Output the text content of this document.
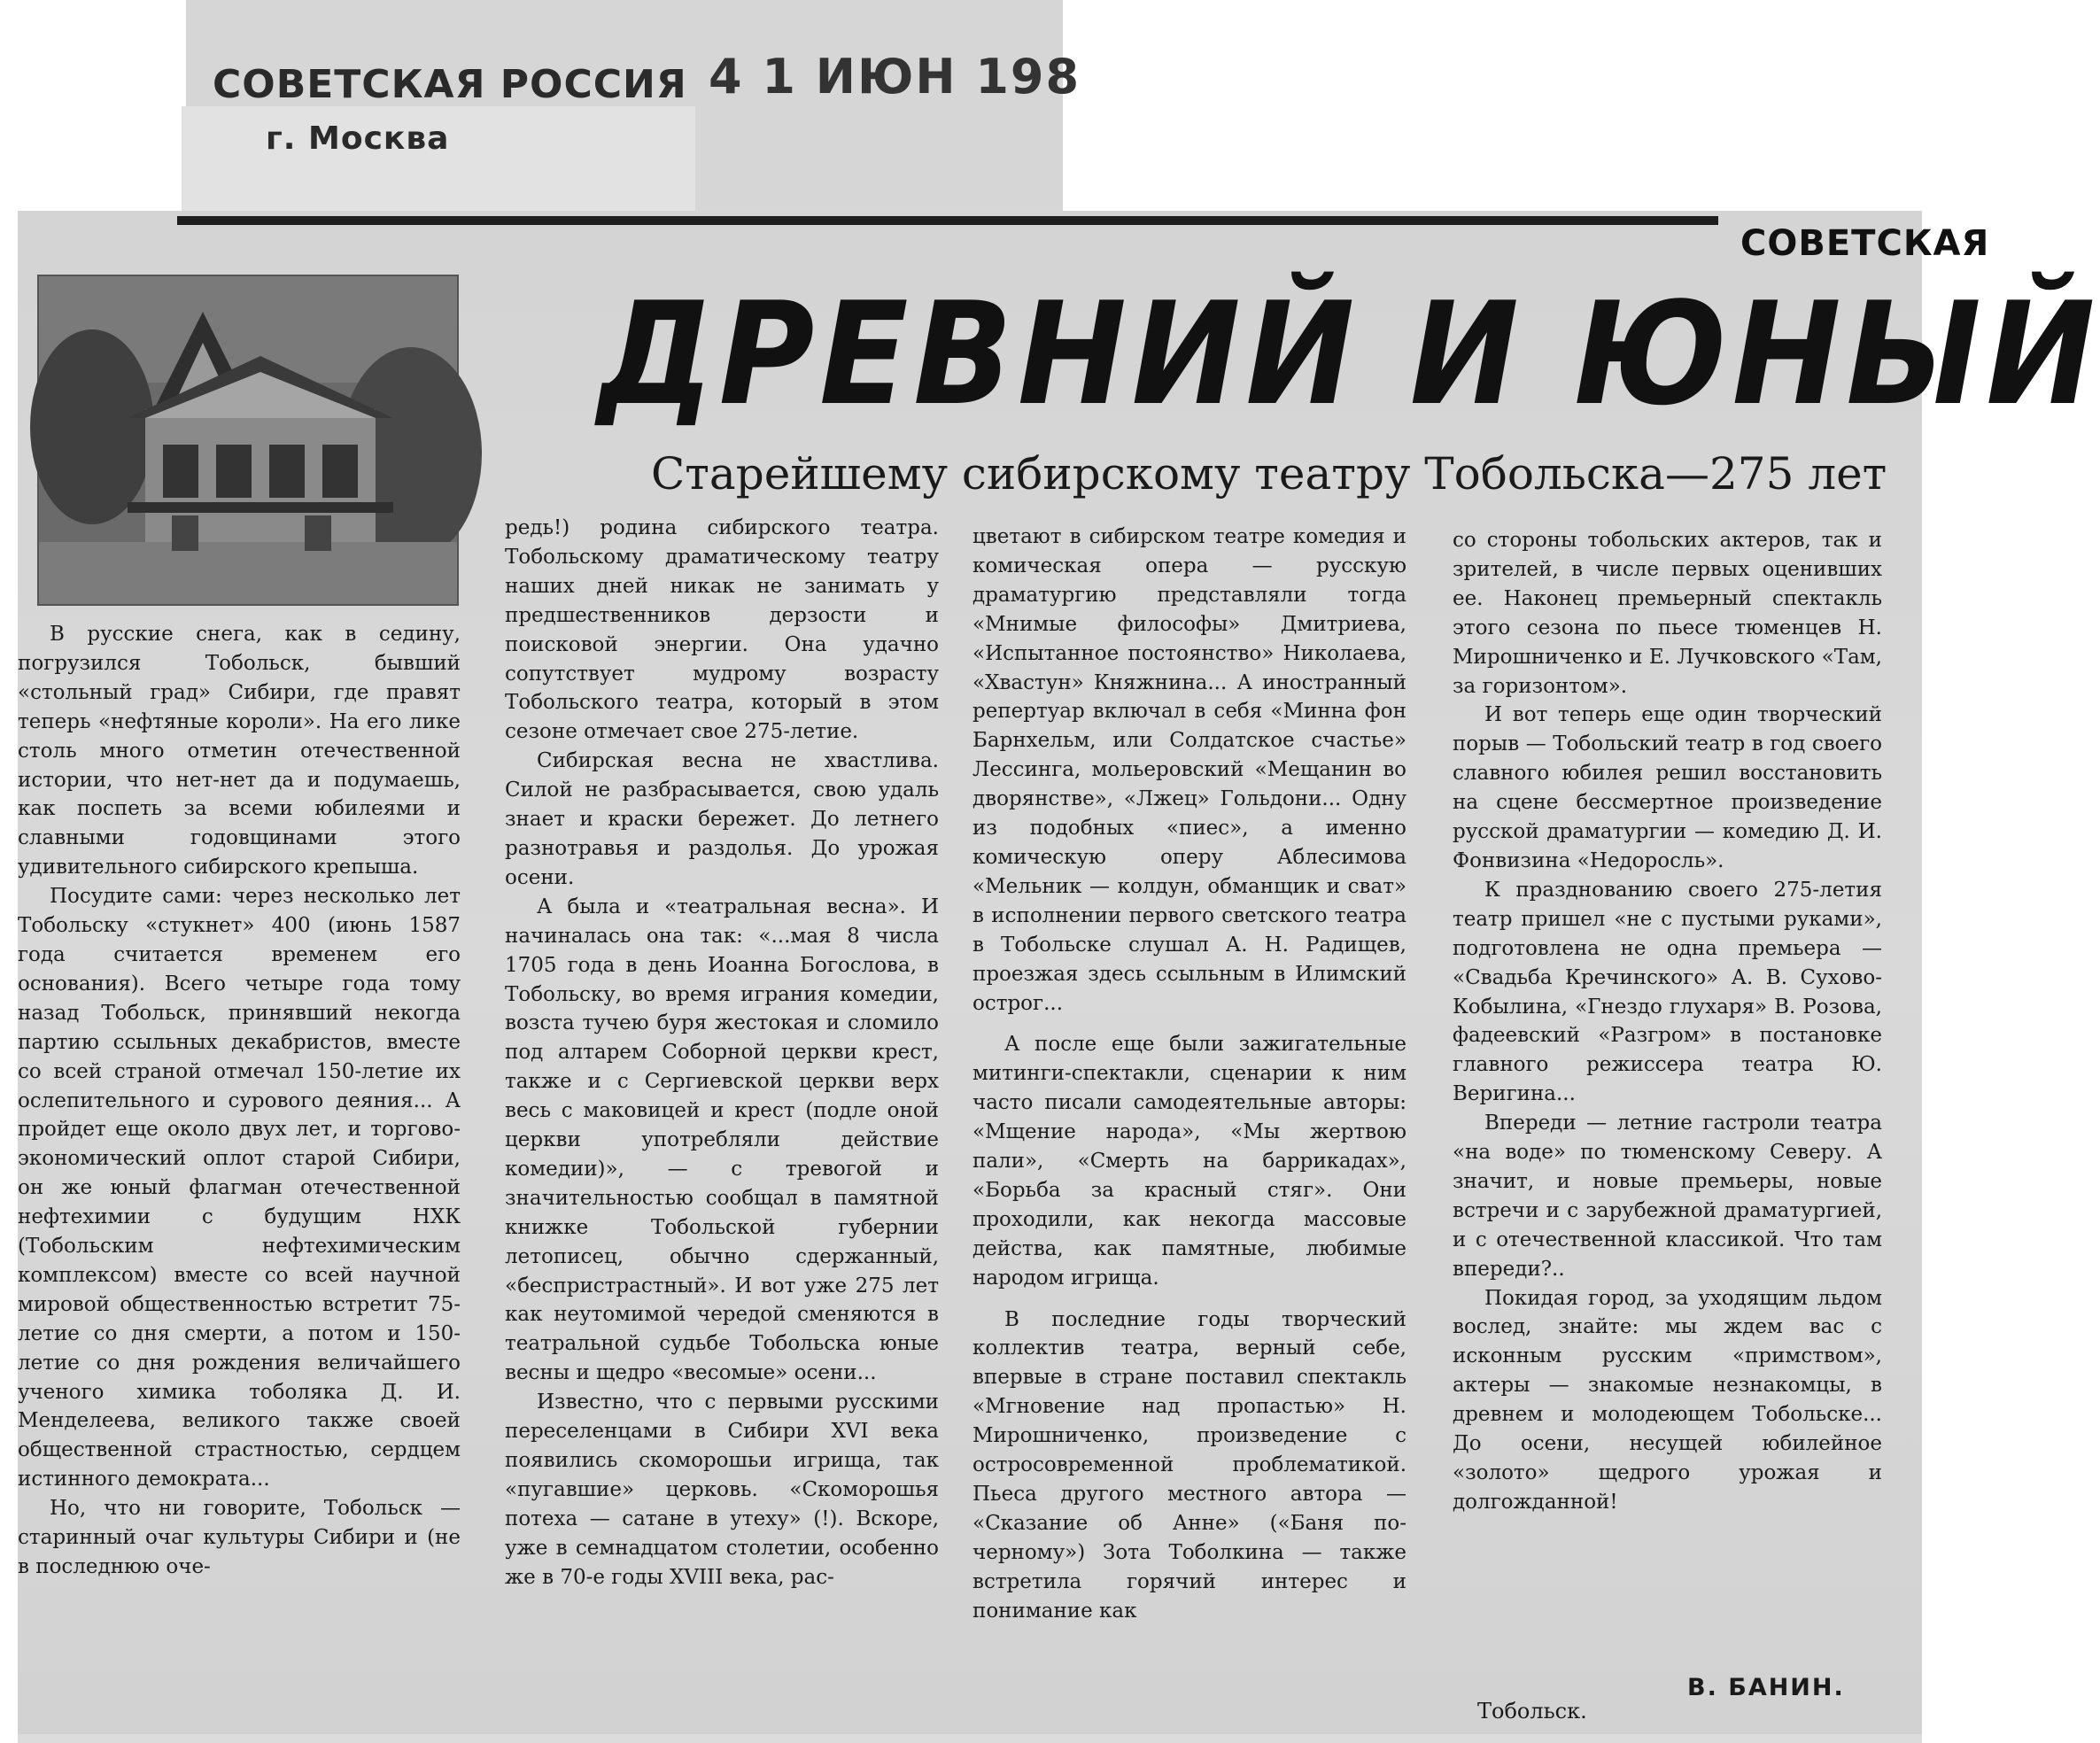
СОВЕТСКАЯ РОССИЯ
г. Москва
4 1 ИЮН 198
СОВЕТСКАЯ
ДРЕВНИЙ И ЮНЫЙ
Старейшему сибирскому театру Тобольска—275 лет

В русские снега, как в седину, погрузился Тобольск, бывший «стольный град» Сибири, где правят теперь «нефтяные короли». На его лике столь много отметин отечественной истории, что нет-нет да и подумаешь, как поспеть за всеми юбилеями и славными годовщинами этого удивительного сибирского крепыша.

Посудите сами: через несколько лет Тобольску «стукнет» 400 (июнь 1587 года считается временем его основания). Всего четыре года тому назад Тобольск, принявший некогда партию ссыльных декабристов, вместе со всей страной отмечал 150-летие их ослепительного и сурового деяния... А пройдет еще около двух лет, и торгово-экономический оплот старой Сибири, он же юный флагман отечественной нефтехимии с будущим НХК (Тобольским нефтехимическим комплексом) вместе со всей научной мировой общественностью встретит 75-летие со дня смерти, а потом и 150-летие со дня рождения величайшего ученого химика тоболяка Д. И. Менделеева, великого также своей общественной страстностью, сердцем истинного демократа...

Но, что ни говорите, Тобольск — старинный очаг культуры Сибири и (не в последнюю оче-

редь!) родина сибирского театра. Тобольскому драматическому театру наших дней никак не занимать у предшественников дерзости и поисковой энергии. Она удачно сопутствует мудрому возрасту Тобольского театра, который в этом сезоне отмечает свое 275-летие.

Сибирская весна не хвастлива. Силой не разбрасывается, свою удаль знает и краски бережет. До летнего разнотравья и раздолья. До урожая осени.

А была и «театральная весна». И начиналась она так: «...мая 8 числа 1705 года в день Иоанна Богослова, в Тобольску, во время играния комедии, возста тучею буря жестокая и сломило под алтарем Соборной церкви крест, также и с Сергиевской церкви верх весь с маковицей и крест (подле оной церкви употребляли действие комедии)», — с тревогой и значительностью сообщал в памятной книжке Тобольской губернии летописец, обычно сдержанный, «беспристрастный». И вот уже 275 лет как неутомимой чередой сменяются в театральной судьбе Тобольска юные весны и щедро «весомые» осени...

Известно, что с первыми русскими переселенцами в Сибири XVI века появились скоморошьи игрища, так «пугавшие» церковь. «Скоморошья потеха — сатане в утеху» (!). Вскоре, уже в семнадцатом столетии, особенно же в 70-е годы XVIII века, рас-

цветают в сибирском театре комедия и комическая опера — русскую драматургию представляли тогда «Мнимые философы» Дмитриева, «Испытанное постоянство» Николаева, «Хвастун» Княжнина... А иностранный репертуар включал в себя «Минна фон Барнхельм, или Солдатское счастье» Лессинга, мольеровский «Мещанин во дворянстве», «Лжец» Гольдони... Одну из подобных «пиес», а именно комическую оперу Аблесимова «Мельник — колдун, обманщик и сват» в исполнении первого светского театра в Тобольске слушал А. Н. Радищев, проезжая здесь ссыльным в Илимский острог...

А после еще были зажигательные митинги-спектакли, сценарии к ним часто писали самодеятельные авторы: «Мщение народа», «Мы жертвою пали», «Смерть на баррикадах», «Борьба за красный стяг». Они проходили, как некогда массовые действа, как памятные, любимые народом игрища.

В последние годы творческий коллектив театра, верный себе, впервые в стране поставил спектакль «Мгновение над пропастью» Н. Мирошниченко, произведение с остросовременной проблематикой. Пьеса другого местного автора — «Сказание об Анне» («Баня по-черному») Зота Тоболкина — также встретила горячий интерес и понимание как

со стороны тобольских актеров, так и зрителей, в числе первых оценивших ее. Наконец премьерный спектакль этого сезона по пьесе тюменцев Н. Мирошниченко и Е. Лучковского «Там, за горизонтом».

И вот теперь еще один творческий порыв — Тобольский театр в год своего славного юбилея решил восстановить на сцене бессмертное произведение русской драматургии — комедию Д. И. Фонвизина «Недоросль».

К празднованию своего 275-летия театр пришел «не с пустыми руками», подготовлена не одна премьера — «Свадьба Кречинского» А. В. Сухово-Кобылина, «Гнездо глухаря» В. Розова, фадеевский «Разгром» в постановке главного режиссера театра Ю. Веригина...

Впереди — летние гастроли театра «на воде» по тюменскому Северу. А значит, и новые премьеры, новые встречи и с зарубежной драматургией, и с отечественной классикой. Что там впереди?..

Покидая город, за уходящим льдом вослед, знайте: мы ждем вас с исконным русским «примством», актеры — знакомые незнакомцы, в древнем и молодеющем Тобольске... До осени, несущей юбилейное «золото» щедрого урожая и долгожданной!

В. БАНИН.
Тобольск.
